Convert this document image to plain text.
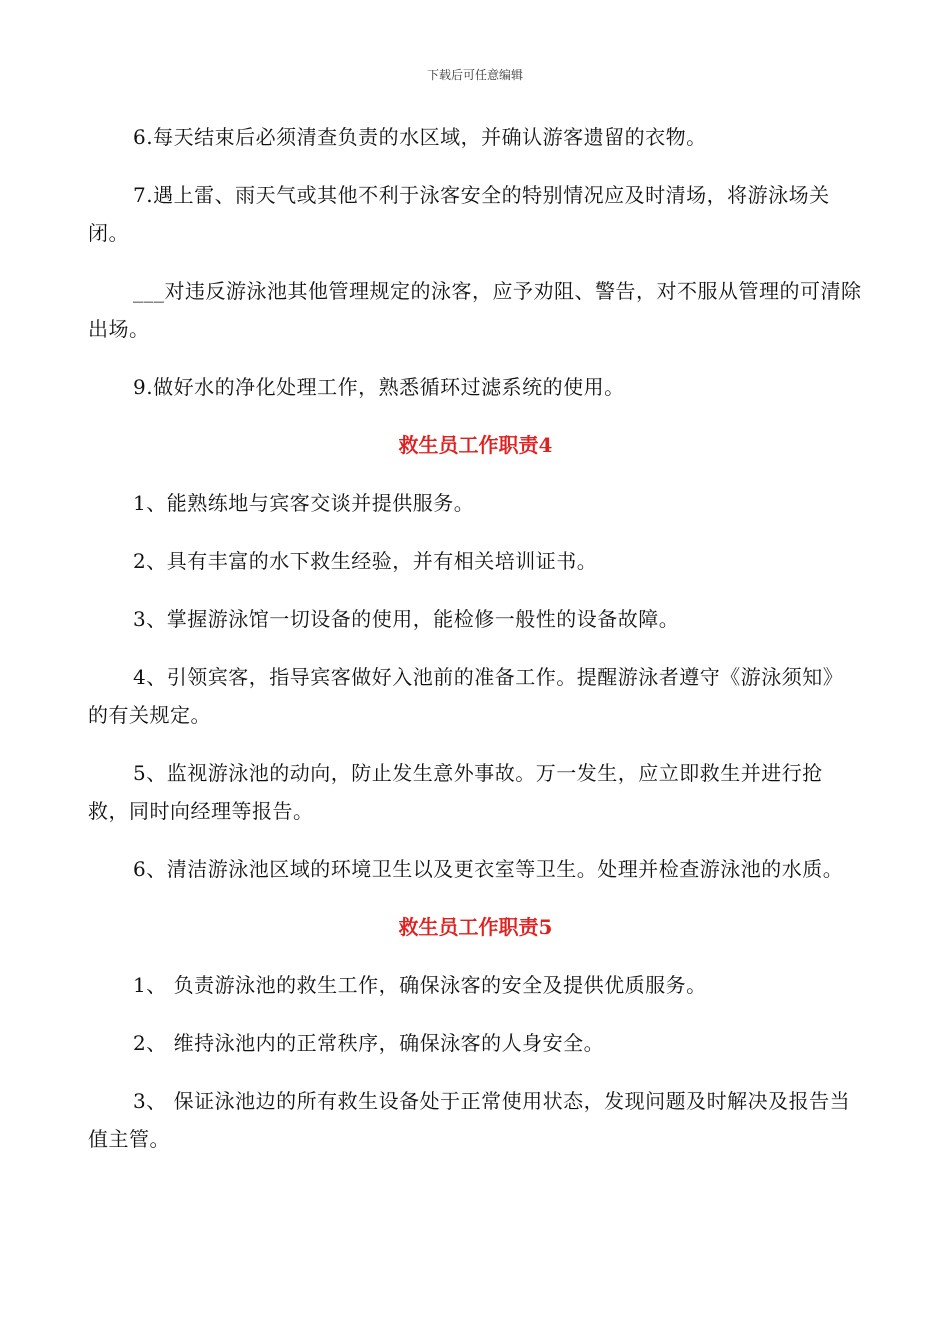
下载后可任意编辑

6.每天结束后必须清查负责的水区域，并确认游客遗留的衣物。

7.遇上雷、雨天气或其他不利于泳客安全的特别情况应及时清场，将游泳场关闭。

___对违反游泳池其他管理规定的泳客，应予劝阻、警告，对不服从管理的可清除出场。

9.做好水的净化处理工作，熟悉循环过滤系统的使用。

救生员工作职责4

1、能熟练地与宾客交谈并提供服务。

2、具有丰富的水下救生经验，并有相关培训证书。

3、掌握游泳馆一切设备的使用，能检修一般性的设备故障。

4、引领宾客，指导宾客做好入池前的准备工作。提醒游泳者遵守《游泳须知》的有关规定。

5、监视游泳池的动向，防止发生意外事故。万一发生，应立即救生并进行抢救，同时向经理等报告。

6、清洁游泳池区域的环境卫生以及更衣室等卫生。处理并检查游泳池的水质。

救生员工作职责5

1、 负责游泳池的救生工作，确保泳客的安全及提供优质服务。

2、 维持泳池内的正常秩序，确保泳客的人身安全。

3、 保证泳池边的所有救生设备处于正常使用状态，发现问题及时解决及报告当值主管。
